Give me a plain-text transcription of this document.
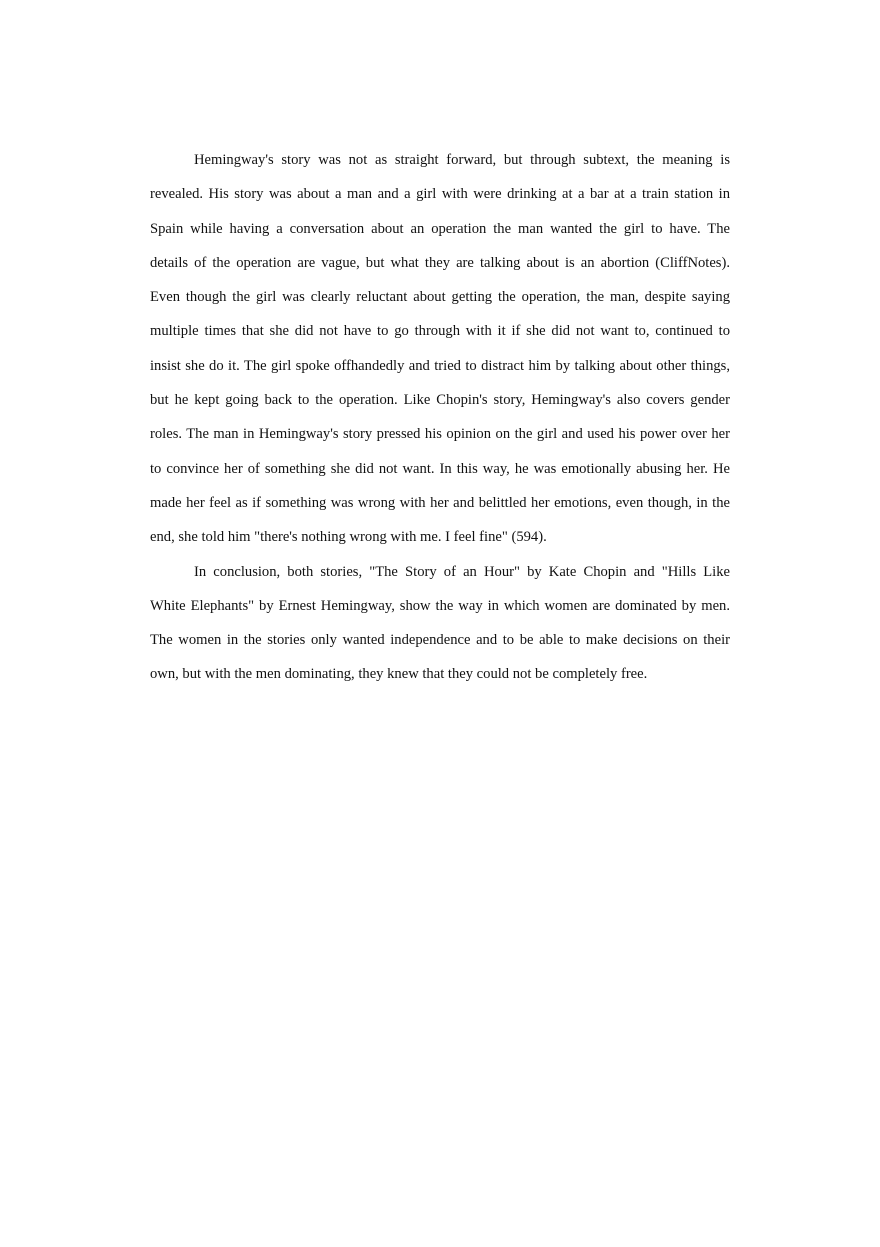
Hemingway's story was not as straight forward, but through subtext, the meaning is
revealed. His story was about a man and a girl with were drinking at a bar at a train station in
Spain while having a conversation about an operation the man wanted the girl to have. The
details of the operation are vague, but what they are talking about is an abortion (CliffNotes).
Even though the girl was clearly reluctant about getting the operation, the man, despite saying
multiple times that she did not have to go through with it if she did not want to, continued to
insist she do it. The girl spoke offhandedly and tried to distract him by talking about other things,
but he kept going back to the operation. Like Chopin's story, Hemingway's also covers gender
roles. The man in Hemingway's story pressed his opinion on the girl and used his power over her
to convince her of something she did not want. In this way, he was emotionally abusing her. He
made her feel as if something was wrong with her and belittled her emotions, even though, in the
end, she told him "there's nothing wrong with me. I feel fine" (594).
In conclusion, both stories, "The Story of an Hour" by Kate Chopin and "Hills Like
White Elephants" by Ernest Hemingway, show the way in which women are dominated by men.
The women in the stories only wanted independence and to be able to make decisions on their
own, but with the men dominating, they knew that they could not be completely free.
